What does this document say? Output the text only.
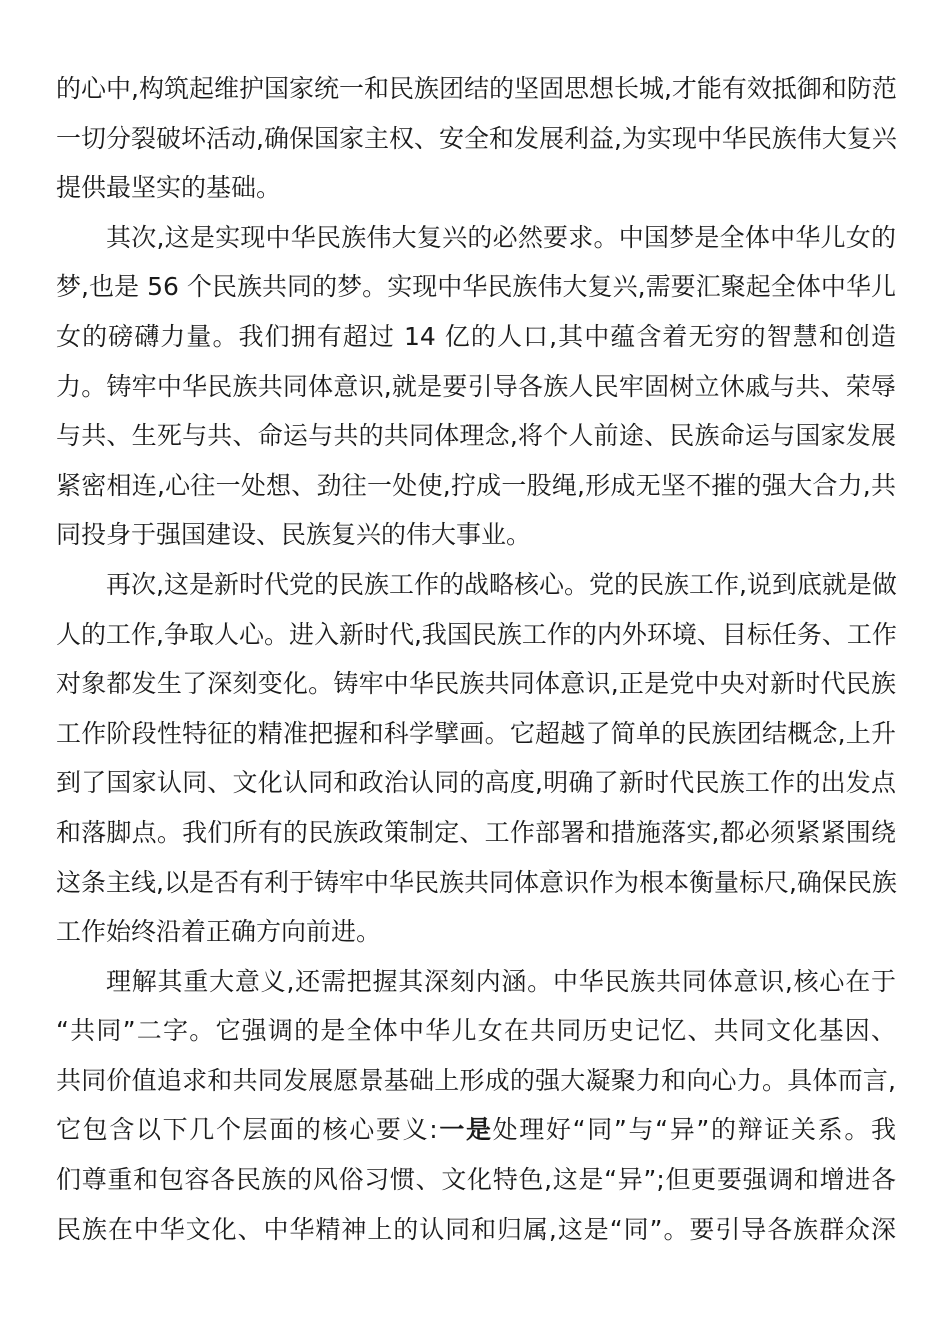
的心中,构筑起维护国家统一和民族团结的坚固思想长城,才能有效抵御和防范
一切分裂破坏活动,确保国家主权、安全和发展利益,为实现中华民族伟大复兴
提供最坚实的基础。
其次,这是实现中华民族伟大复兴的必然要求。中国梦是全体中华儿女的
梦,也是 56 个民族共同的梦。实现中华民族伟大复兴,需要汇聚起全体中华儿
女的磅礴力量。我们拥有超过 14 亿的人口,其中蕴含着无穷的智慧和创造
力。铸牢中华民族共同体意识,就是要引导各族人民牢固树立休戚与共、荣辱
与共、生死与共、命运与共的共同体理念,将个人前途、民族命运与国家发展
紧密相连,心往一处想、劲往一处使,拧成一股绳,形成无坚不摧的强大合力,共
同投身于强国建设、民族复兴的伟大事业。
再次,这是新时代党的民族工作的战略核心。党的民族工作,说到底就是做
人的工作,争取人心。进入新时代,我国民族工作的内外环境、目标任务、工作
对象都发生了深刻变化。铸牢中华民族共同体意识,正是党中央对新时代民族
工作阶段性特征的精准把握和科学擘画。它超越了简单的民族团结概念,上升
到了国家认同、文化认同和政治认同的高度,明确了新时代民族工作的出发点
和落脚点。我们所有的民族政策制定、工作部署和措施落实,都必须紧紧围绕
这条主线,以是否有利于铸牢中华民族共同体意识作为根本衡量标尺,确保民族
工作始终沿着正确方向前进。
理解其重大意义,还需把握其深刻内涵。中华民族共同体意识,核心在于
“共同”二字。它强调的是全体中华儿女在共同历史记忆、共同文化基因、
共同价值追求和共同发展愿景基础上形成的强大凝聚力和向心力。具体而言,
它包含以下几个层面的核心要义:一是处理好“同”与“异”的辩证关系。我
们尊重和包容各民族的风俗习惯、文化特色,这是“异”;但更要强调和增进各
民族在中华文化、中华精神上的认同和归属,这是“同”。要引导各族群众深
